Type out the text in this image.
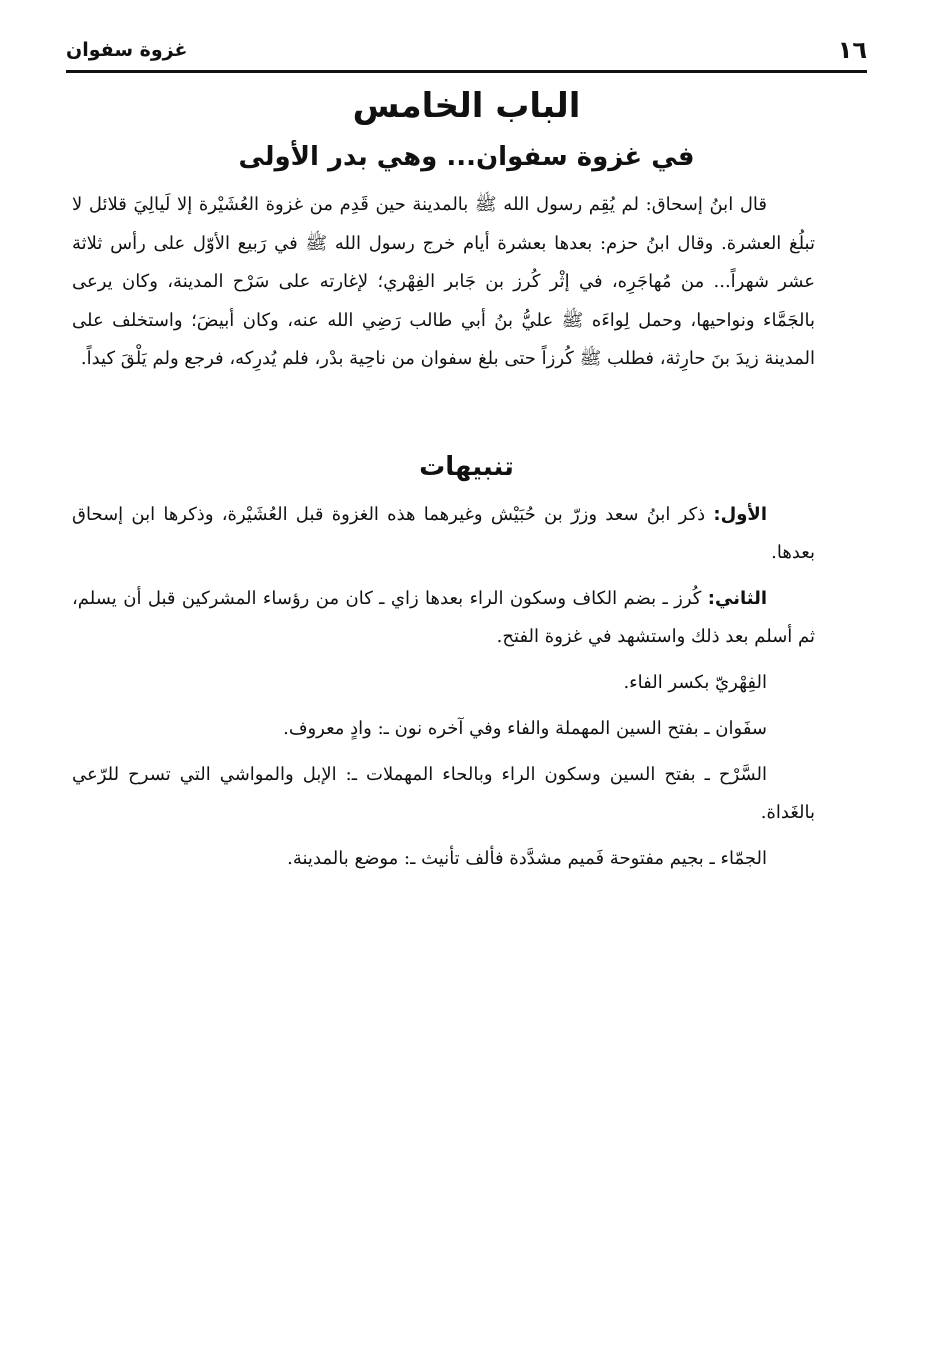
١٦
غزوة سفوان
الباب الخامس
في غزوة سفوان... وهي بدر الأولى

قال ابنُ إسحاق: لم يُقِم رسول الله ﷺ بالمدينة حين قَدِم من غزوة العُشَيْرة إلا لَيالِيَ قلائل لا تبلُغ العشرة. وقال ابنُ حزم: بعدها بعشرة أيام خرج رسول الله ﷺ في رَبيع الأوّل على رأس ثلاثة عشر شهراً... من مُهاجَرِه، في إثْر كُرز بن جَابر الفِهْري؛ لإغارته على سَرْح المدينة، وكان يرعى بالجَمَّاء ونواحيها، وحمل لِواءَه ﷺ عليُّ بنُ أبي طالب رَضِي الله عنه، وكان أبيضَ؛ واستخلف على المدينة زيدَ بنَ حارِثة، فطلب ﷺ كُرزاً حتى بلغ سفوان من ناحِية بدْر، فلم يُدرِكه، فرجع ولم يَلْقَ كيداً.

تنبيهات

الأول: ذكر ابنُ سعد وزرّ بن حُبَيْش وغيرهما هذه الغزوة قبل العُشَيْرة، وذكرها ابن إسحاق بعدها.

الثاني: كُرز ـ بضم الكاف وسكون الراء بعدها زاي ـ كان من رؤساء المشركين قبل أن يسلم، ثم أسلم بعد ذلك واستشهد في غزوة الفتح.

الفِهْريّ بكسر الفاء.

سفَوان ـ بفتح السين المهملة والفاء وفي آخره نون ـ: وادٍ معروف.

السَّرْح ـ بفتح السين وسكون الراء وبالحاء المهملات ـ: الإبل والمواشي التي تسرح للرّعي بالغَداة.

الجمّاء ـ بجيم مفتوحة فَميم مشدَّدة فألف تأنيث ـ: موضع بالمدينة.
